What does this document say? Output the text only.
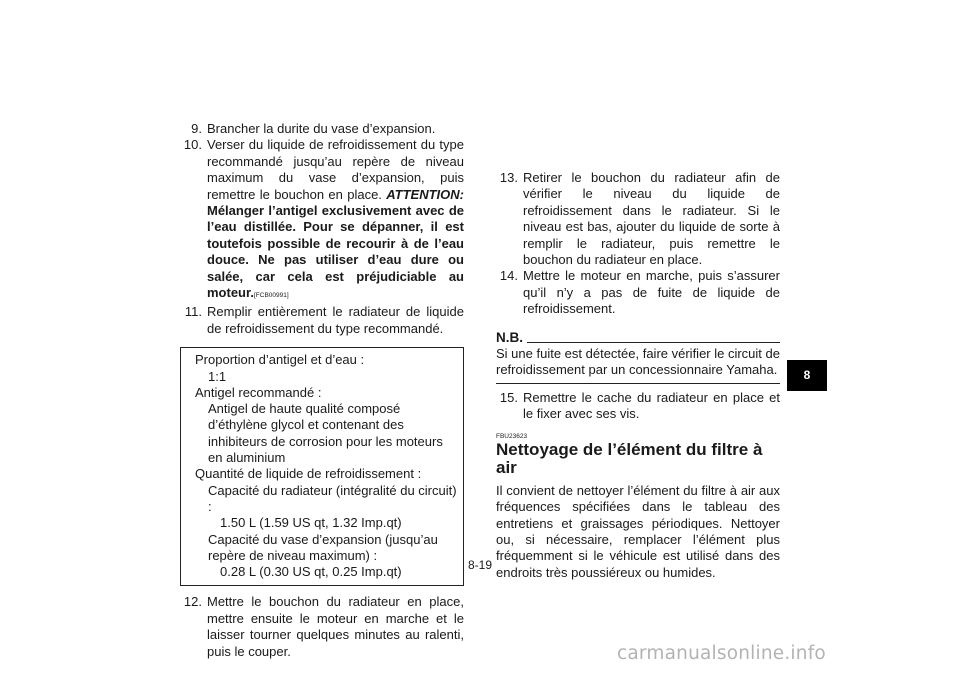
9. Brancher la durite du vase d’expansion.

10. Verser du liquide de refroidissement du type recommandé jusqu’au repère de niveau maximum du vase d’expansion, puis remettre le bouchon en place. ATTENTION: Mélanger l’antigel exclusivement avec de l’eau distillée. Pour se dépanner, il est toutefois possible de recourir à de l’eau douce. Ne pas utiliser d’eau dure ou salée, car cela est préjudiciable au moteur.[FCB00991]

11. Remplir entièrement le radiateur de liquide de refroidissement du type recommandé.

Proportion d’antigel et d’eau :
1:1
Antigel recommandé :
Antigel de haute qualité composé d’éthylène glycol et contenant des inhibiteurs de corrosion pour les moteurs en aluminium
Quantité de liquide de refroidissement :
Capacité du radiateur (intégralité du circuit) :
1.50 L (1.59 US qt, 1.32 Imp.qt)
Capacité du vase d’expansion (jusqu’au repère de niveau maximum) :
0.28 L (0.30 US qt, 0.25 Imp.qt)

12. Mettre le bouchon du radiateur en place, mettre ensuite le moteur en marche et le laisser tourner quelques minutes au ralenti, puis le couper.

13. Retirer le bouchon du radiateur afin de vérifier le niveau du liquide de refroidissement dans le radiateur. Si le niveau est bas, ajouter du liquide de sorte à remplir le radiateur, puis remettre le bouchon du radiateur en place.

14. Mettre le moteur en marche, puis s’assurer qu’il n’y a pas de fuite de liquide de refroidissement.

N.B.
Si une fuite est détectée, faire vérifier le circuit de refroidissement par un concessionnaire Yamaha.

15. Remettre le cache du radiateur en place et le fixer avec ses vis.

FBU23623
Nettoyage de l’élément du filtre à air

Il convient de nettoyer l’élément du filtre à air aux fréquences spécifiées dans le tableau des entretiens et graissages périodiques. Nettoyer ou, si nécessaire, remplacer l’élément plus fréquemment si le véhicule est utilisé dans des endroits très poussiéreux ou humides.

8
8-19
carmanualsonline.info
